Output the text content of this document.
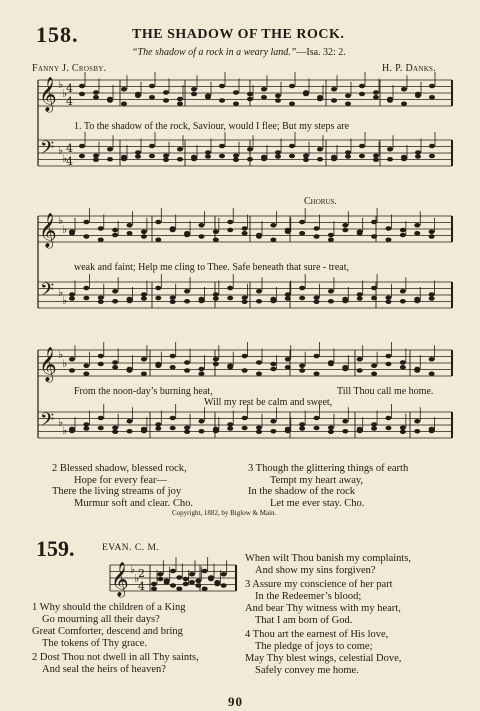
158.	THE SHADOW OF THE ROCK.
“The shadow of a rock in a weary land.”—Isa. 32: 2.
Fanny J. Crosby.	H. P. Danks.
Chorus.
𝄞
𝄢
4
4
4
4
♭
♭
♭
♭
𝄞
𝄢
♭
♭
♭
♭
𝄞
𝄢
♭
♭
♭
♭
𝄞 2
4
♭
♭
1. To the shadow of the rock, Saviour, would I flee; But my steps are
weak and faint; Help me cling to Thee. Safe beneath that sure - treat,
From the noon-day’s burning heat,	Till Thou call me home.
Will my rest be calm and sweet,
2 Blessed shadow, blessed rock,
Hope for every fear—
There the living streams of joy
Murmur soft and clear. Cho.
3 Though the glittering things of earth
Tempt my heart away,
In the shadow of the rock
Let me ever stay. Cho.
Copyright, 1882, by Biglow & Main.
159.	EVAN. C. M.
1 Why should the children of a King
Go mourning all their days?
Great Comforter, descend and bring
The tokens of Thy grace.
2 Dost Thou not dwell in all Thy saints,
And seal the heirs of heaven?
When wilt Thou banish my complaints,
And show my sins forgiven?
3 Assure my conscience of her part
In the Redeemer’s blood;
And bear Thy witness with my heart,
That I am born of God.
4 Thou art the earnest of His love,
The pledge of joys to come;
May Thy blest wings, celestial Dove,
Safely convey me home.
90
